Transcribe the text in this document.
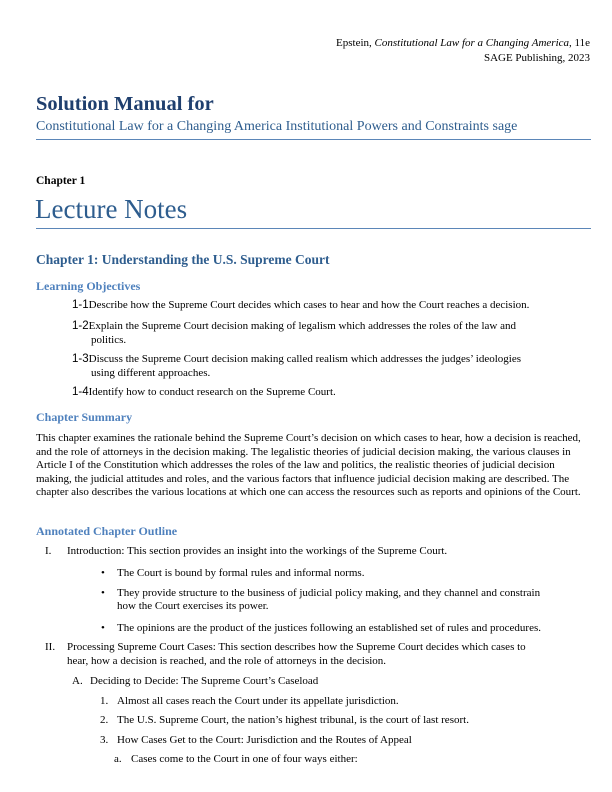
Epstein, Constitutional Law for a Changing America, 11e
SAGE Publishing, 2023
Solution Manual for
Constitutional Law for a Changing America Institutional Powers and Constraints sage
Chapter 1
Lecture Notes
Chapter 1: Understanding the U.S. Supreme Court
Learning Objectives
1-1Describe how the Supreme Court decides which cases to hear and how the Court reaches a decision.
1-2Explain the Supreme Court decision making of legalism which addresses the roles of the law and
politics.
1-3Discuss the Supreme Court decision making called realism which addresses the judges’ ideologies
using different approaches.
1-4Identify how to conduct research on the Supreme Court.
Chapter Summary
This chapter examines the rationale behind the Supreme Court’s decision on which cases to hear, how a decision is reached, and the role of attorneys in the decision making. The legalistic theories of judicial decision making, the various clauses in Article I of the Constitution which addresses the roles of the law and politics, the realistic theories of judicial decision making, the judicial attitudes and roles, and the various factors that influence judicial decision making are described. The chapter also describes the various locations at which one can access the resources such as reports and opinions of the Court.
Annotated Chapter Outline
I. Introduction: This section provides an insight into the workings of the Supreme Court.
• The Court is bound by formal rules and informal norms.
• They provide structure to the business of judicial policy making, and they channel and constrain
how the Court exercises its power.
• The opinions are the product of the justices following an established set of rules and procedures.
II. Processing Supreme Court Cases: This section describes how the Supreme Court decides which cases to
hear, how a decision is reached, and the role of attorneys in the decision.
A. Deciding to Decide: The Supreme Court’s Caseload
1. Almost all cases reach the Court under its appellate jurisdiction.
2. The U.S. Supreme Court, the nation’s highest tribunal, is the court of last resort.
3. How Cases Get to the Court: Jurisdiction and the Routes of Appeal
a. Cases come to the Court in one of four ways either:
